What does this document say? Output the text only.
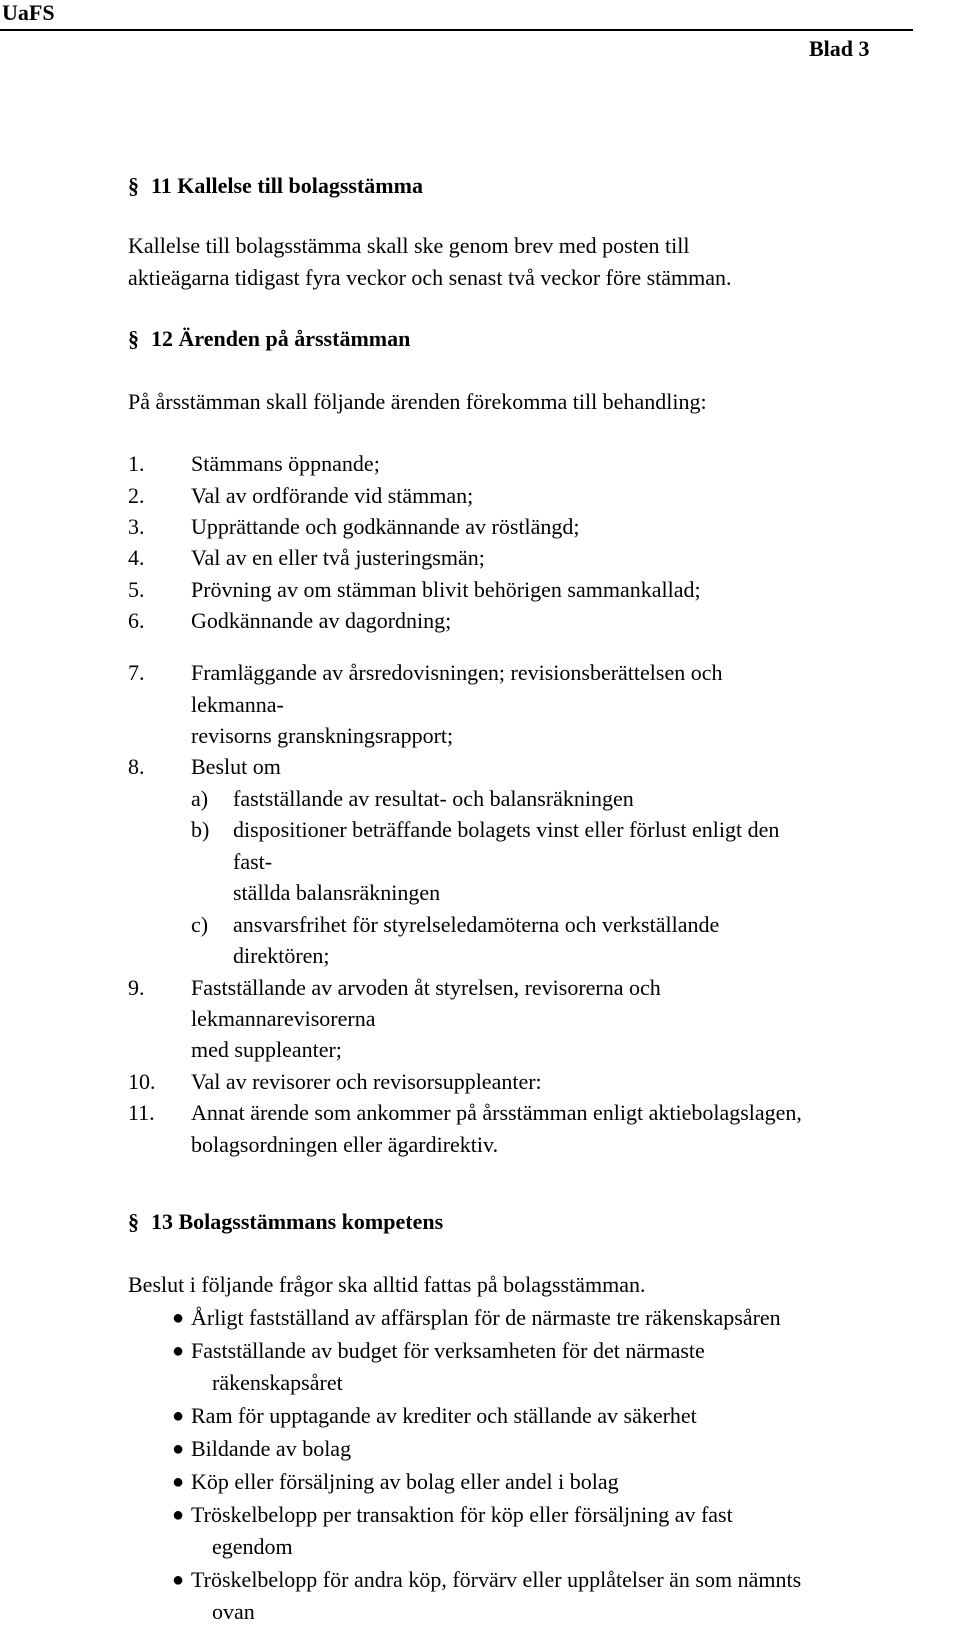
UaFS
Blad 3
§ 11 Kallelse till bolagsstämma
Kallelse till bolagsstämma skall ske genom brev med posten till
aktieägarna tidigast fyra veckor och senast två veckor före stämman.
§ 12 Ärenden på årsstämman
På årsstämman skall följande ärenden förekomma till behandling:
1. Stämmans öppnande;
2. Val av ordförande vid stämman;
3. Upprättande och godkännande av röstlängd;
4. Val av en eller två justeringsmän;
5. Prövning av om stämman blivit behörigen sammankallad;
6. Godkännande av dagordning;
7. Framläggande av årsredovisningen; revisionsberättelsen och
lekmanna-
revisorns granskningsrapport;
8. Beslut om
a) fastställande av resultat- och balansräkningen
b) dispositioner beträffande bolagets vinst eller förlust enligt den
fast-
ställda balansräkningen
c) ansvarsfrihet för styrelseledamöterna och verkställande
direktören;
9. Fastställande av arvoden åt styrelsen, revisorerna och
lekmannarevisorerna
med suppleanter;
10. Val av revisorer och revisorsuppleanter:
11. Annat ärende som ankommer på årsstämman enligt aktiebolagslagen,
bolagsordningen eller ägardirektiv.
§ 13 Bolagsstämmans kompetens
Beslut i följande frågor ska alltid fattas på bolagsstämman.
● Årligt fastställand av affärsplan för de närmaste tre räkenskapsåren
● Fastställande av budget för verksamheten för det närmaste
räkenskapsåret
● Ram för upptagande av krediter och ställande av säkerhet
● Bildande av bolag
● Köp eller försäljning av bolag eller andel i bolag
● Tröskelbelopp per transaktion för köp eller försäljning av fast
egendom
● Tröskelbelopp för andra köp, förvärv eller upplåtelser än som nämnts
ovan
